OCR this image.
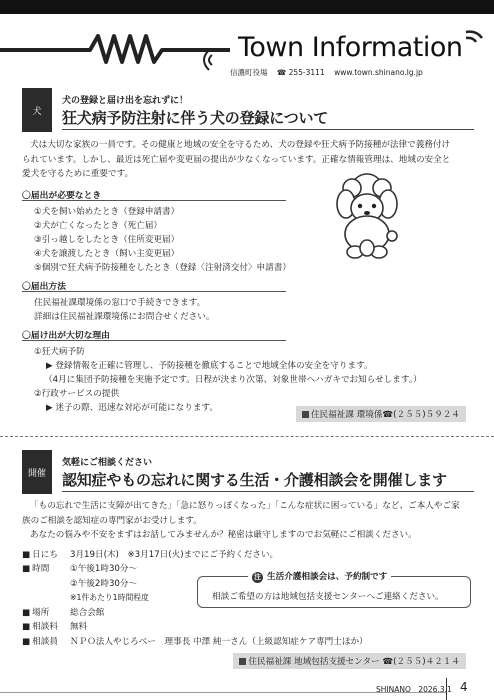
Town Information
信濃町役場 ☎ 255-3111 www.town.shinano.lg.jp
犬
犬の登録と届け出を忘れずに！
狂犬病予防注射に伴う犬の登録について

犬は大切な家族の一員です。その健康と地域の安全を守るため、犬の登録や狂犬病予防接種が法律で義務付け

られています。しかし、最近は死亡届や変更届の提出が少なくなっています。正確な情報管理は、地域の安全と

愛犬を守るために重要です。

〇届出が必要なとき
①犬を飼い始めたとき（登録申請書）
②犬が亡くなったとき（死亡届）
③引っ越しをしたとき（住所変更届）
④犬を譲渡したとき（飼い主変更届）
⑤個別で狂犬病予防接種をしたとき（登録〈注射済交付〉申請書）
〇届出方法
住民福祉課環境係の窓口で手続きできます。
詳細は住民福祉課環境係にお問合せください。
〇届け出が大切な理由
①狂犬病予防
▶ 登録情報を正確に管理し、予防接種を徹底することで地域全体の安全を守ります。
（4月に集団予防接種を実施予定です。日程が決まり次第、対象世帯へハガキでお知らせします。）
②行政サービスの提供
▶ 迷子の際、迅速な対応が可能になります。
住民福祉課 環境係☎(２５５)５９２４
開催
気軽にご相談ください
認知症やもの忘れに関する生活・介護相談会を開催します

「もの忘れで生活に支障が出てきた」「急に怒りっぽくなった」「こんな症状に困っている」など、ご本人やご家

族のご相談を認知症の専門家がお受けします。

あなたの悩みや不安をまずはお話してみませんか？秘密は厳守しますのでお気軽にご相談ください。

■ 日にち	3月19日(木)　※3月17日(火)までにご予約ください。
■ 時間	①午後1時30分～
②午後2時30分～
※1件あたり1時間程度
■ 場所	総合会館
■ 相談料	無料
■ 相談員	ＮＰＯ法人やじろべー　理事長 中澤 純一さん（上級認知症ケア専門士ほか）
注 生活介護相談会は、予約制です
相談ご希望の方は地域包括支援センターへご連絡ください。
住民福祉課 地域包括支援センター ☎(２５５)４２１４
SHINANO　2026.3.1 4
